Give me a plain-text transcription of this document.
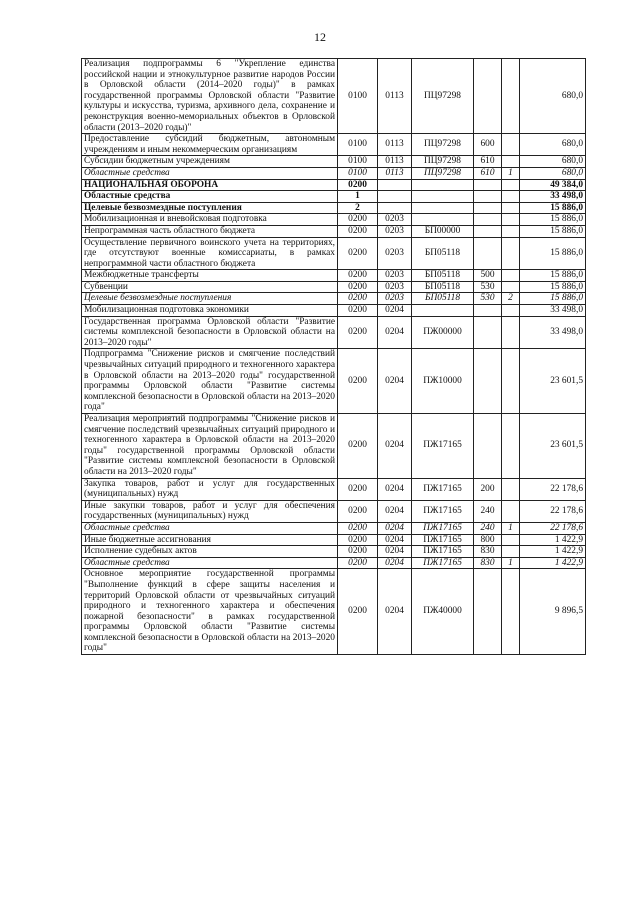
12
Реализация подпрограммы 6 "Укрепление единства российской нации и этнокультурное развитие народов России в Орловской области (2014–2020 годы)" в рамках государственной программы Орловской области "Развитие культуры и искусства, туризма, архивного дела, сохранение и реконструкция военно-мемориальных объектов в Орловской области (2013–2020 годы)"	0100	0113	ПЦ97298			680,0
Предоставление субсидий бюджетным, автономным учреждениям и иным некоммерческим организациям	0100	0113	ПЦ97298	600		680,0
Субсидии бюджетным учреждениям	0100	0113	ПЦ97298	610		680,0
Областные средства	0100	0113	ПЦ97298	610	1	680,0
НАЦИОНАЛЬНАЯ ОБОРОНА	0200					49 384,0
Областные средства	1					33 498,0
Целевые безвозмездные поступления	2					15 886,0
Мобилизационная и вневойсковая подготовка	0200	0203				15 886,0
Непрограммная часть областного бюджета	0200	0203	БП00000			15 886,0
Осуществление первичного воинского учета на территориях, где отсутствуют военные комиссариаты, в рамках непрограммной части областного бюджета	0200	0203	БП05118			15 886,0
Межбюджетные трансферты	0200	0203	БП05118	500		15 886,0
Субвенции	0200	0203	БП05118	530		15 886,0
Целевые безвозмездные поступления	0200	0203	БП05118	530	2	15 886,0
Мобилизационная подготовка экономики	0200	0204				33 498,0
Государственная программа Орловской области "Развитие системы комплексной безопасности в Орловской области на 2013–2020 годы"	0200	0204	ПЖ00000			33 498,0
Подпрограмма "Снижение рисков и смягчение последствий чрезвычайных ситуаций природного и техногенного характера в Орловской области на 2013–2020 годы" государственной программы Орловской области "Развитие системы комплексной безопасности в Орловской области на 2013–2020 года"	0200	0204	ПЖ10000			23 601,5
Реализация мероприятий подпрограммы "Снижение рисков и смягчение последствий чрезвычайных ситуаций природного и техногенного характера в Орловской области на 2013–2020 годы" государственной программы Орловской области "Развитие системы комплексной безопасности в Орловской области на 2013–2020 годы"	0200	0204	ПЖ17165			23 601,5
Закупка товаров, работ и услуг для государственных (муниципальных) нужд	0200	0204	ПЖ17165	200		22 178,6
Иные закупки товаров, работ и услуг для обеспечения государственных (муниципальных) нужд	0200	0204	ПЖ17165	240		22 178,6
Областные средства	0200	0204	ПЖ17165	240	1	22 178,6
Иные бюджетные ассигнования	0200	0204	ПЖ17165	800		1 422,9
Исполнение судебных актов	0200	0204	ПЖ17165	830		1 422,9
Областные средства	0200	0204	ПЖ17165	830	1	1 422,9
Основное мероприятие государственной программы "Выполнение функций в сфере защиты населения и территорий Орловской области от чрезвычайных ситуаций природного и техногенного характера и обеспечения пожарной безопасности" в рамках государственной программы Орловской области "Развитие системы комплексной безопасности в Орловской области на 2013–2020 годы"	0200	0204	ПЖ40000			9 896,5
